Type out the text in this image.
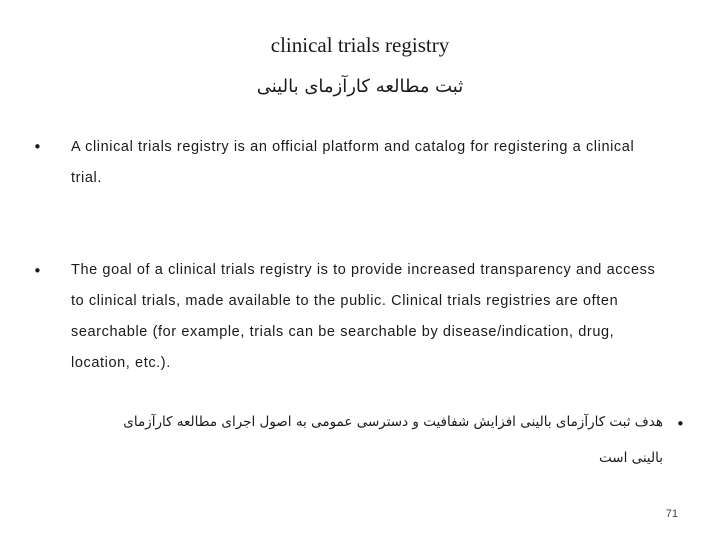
clinical trials registry
ثبت مطالعه کارآزمای بالینی
• A clinical trials registry is an official platform and catalog for registering a clinical
trial.
• The goal of a clinical trials registry is to provide increased transparency and access
to clinical trials, made available to the public. Clinical trials registries are often
searchable (for example, trials can be searchable by disease/indication, drug,
location, etc.).
•
هدف ثبت کارآزمای بالینی افزایش شفافیت و دسترسی عمومی به اصول اجرای مطالعه کارآزمای
بالینی است
71
